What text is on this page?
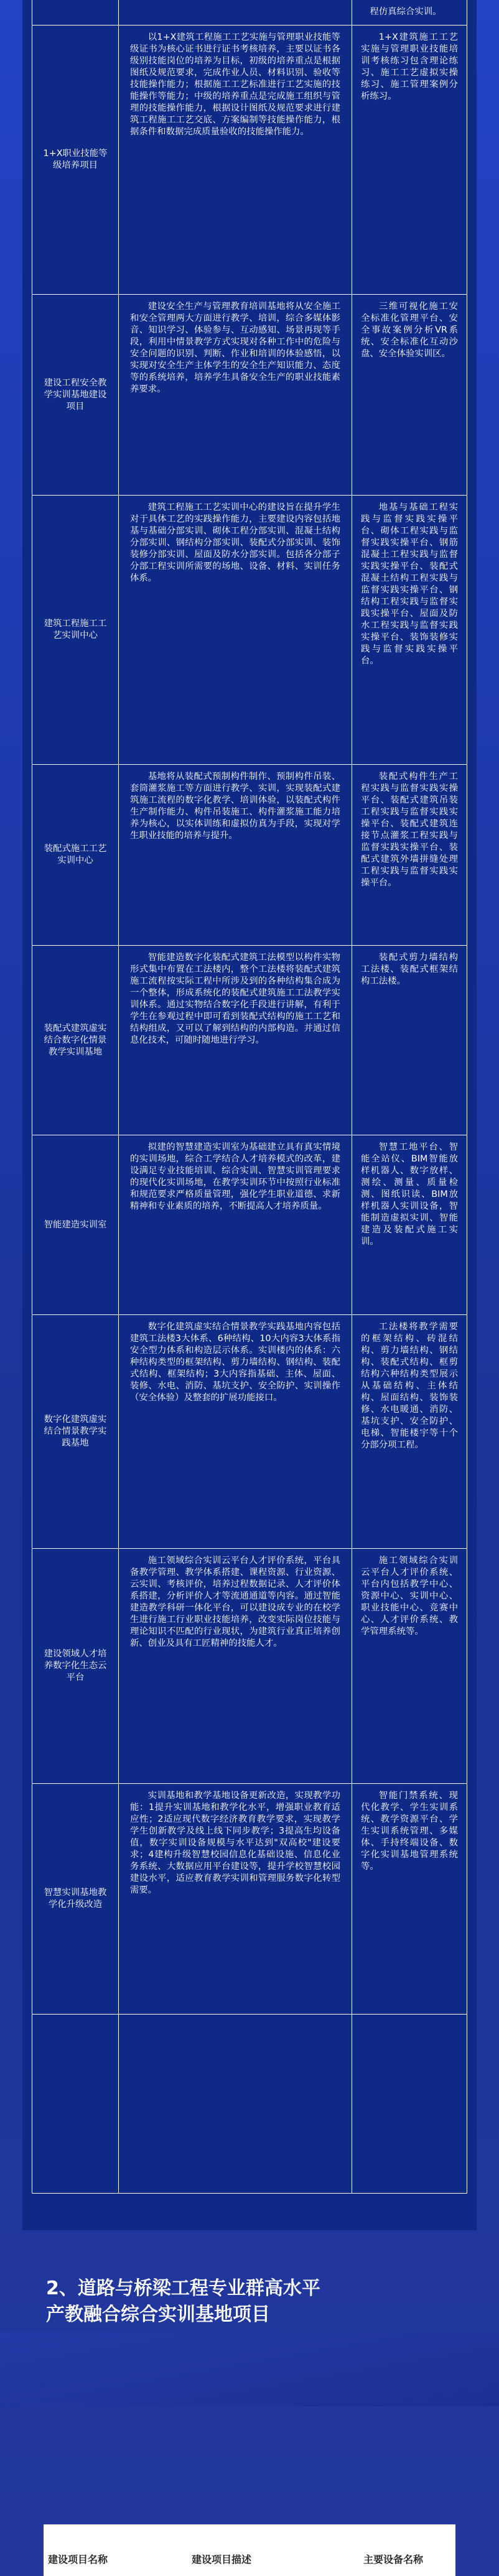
程仿真综合实训。

1+X职业技能等级培养项目

以1+X建筑工程施工工艺实施与管理职业技能等级证书为核心证书进行证书考核培养，主要以证书各级别技能岗位的培养为目标，初级的培养重点是根据图纸及规范要求，完成作业人员、材料识别、验收等技能操作能力；根据施工工艺标准进行工艺实施的技能操作等能力；中级的培养重点是完成施工组织与管理的技能操作能力，根据设计图纸及规范要求进行建筑工程施工工艺交底、方案编制等技能操作能力，根据条件和数据完成质量验收的技能操作能力。

1+X建筑施工工艺实施与管理职业技能培训考核练习包含理论练习、施工工艺虚拟实操练习、施工管理案例分析练习。

建设工程安全教学实训基地建设项目

建设安全生产与管理教育培训基地将从安全施工和安全管理两大方面进行教学、培训，综合多媒体影音、知识学习、体验参与、互动感知、场景再现等手段，利用中情景教学方式实现对各种工作中的危险与安全问题的识别、判断、作业和培训的体验感悟，以实现对安全生产主体学生的安全生产知识能力、态度等的系统培养，培养学生具备安全生产的职业技能素养要求。

三维可视化施工安全标准化管理平台、安全事故案例分析VR系统、安全标准化互动沙盘、安全体验实训区。

建筑工程施工工艺实训中心

建筑工程施工工艺实训中心的建设旨在提升学生对于具体工艺的实践操作能力，主要建设内容包括地基与基础分部实训、砌体工程分部实训、混凝土结构分部实训、钢结构分部实训、装配式分部实训、装饰装修分部实训、屋面及防水分部实训。包括各分部子分部工程实训所需要的场地、设备、材料、实训任务体系。

地基与基础工程实践与监督实践实操平台、砌体工程实践与监督实践实操平台、钢筋混凝土工程实践与监督实践实操平台、装配式混凝土结构工程实践与监督实践实操平台、钢结构工程实践与监督实践实操平台、屋面及防水工程实践与监督实践实操平台、装饰装修实践与监督实践实操平台。

装配式施工工艺实训中心

基地将从装配式预制构件制作、预制构件吊装、套筒灌浆施工等方面进行教学、实训，实现装配式建筑施工流程的数字化教学、培训体验，以装配式构件生产制作能力、构件吊装施工、构件灌浆施工能力培养为核心，以实体训练和虚拟仿真为手段，实现对学生职业技能的培养与提升。

装配式构件生产工程实践与监督实践实操平台、装配式建筑吊装工程实践与监督实践实操平台、装配式建筑连接节点灌浆工程实践与监督实践实操平台、装配式建筑外墙拼缝处理工程实践与监督实践实操平台。

装配式建筑虚实结合数字化情景教学实训基地

智能建造数字化装配式建筑工法模型以构件实物形式集中布置在工法楼内，整个工法楼将装配式建筑施工流程按实际工程中所涉及到的各种结构集合成为一个整体，形成系统化的装配式建筑施工工法教学实训体系。通过实物结合数字化手段进行讲解，有利于学生在参观过程中即可看到装配式结构的施工工艺和结构组成，又可以了解到结构的内部构造。并通过信息化技术，可随时随地进行学习。

装配式剪力墙结构工法楼、装配式框架结构工法楼。

智能建造实训室

拟建的智慧建造实训室为基础建立具有真实情境的实训场地，综合工学结合人才培养模式的改革，建设满足专业技能培训、综合实训、智慧实训管理要求的现代化实训场地，在教学实训环节中按照行业标准和规范要求严格质量管理，强化学生职业道德、求新精神和专业素质的培养，不断提高人才培养质量。

智慧工地平台、智能全站仪、BIM智能放样机器人、数字放样、测绘、测量、质量检测、图纸识读、BIM放样机器人实训设备，智能制造虚拟实训、智能建造及装配式施工实训。

数字化建筑虚实结合情景教学实践基地

数字化建筑虚实结合情景教学实践基地内容包括建筑工法楼3大体系、6种结构、10大内容3大体系指安全型力体系和构造层示体系。实训楼内的体系：六种结构类型的框架结构、剪力墙结构、钢结构、装配式结构、框架结构；3大内容指基础、主体、屋面、装修、水电、消防、基坑支护、安全防护、实训操作（安全体验）及整套的扩展功能接口。

工法楼将教学需要的框架结构、砖混结构、剪力墙结构、钢结构、装配式结构、框剪结构六种结构类型展示从基础结构、主体结构、屋面结构、装饰装修、水电暖通、消防、基坑支护、安全防护、电梯、智能楼宇等十个分部分项工程。

建设领域人才培养数字化生态云平台

施工领域综合实训云平台人才评价系统，平台具备教学管理、教学体系搭建、课程资源、行业资源、云实训、考核评价，培养过程数据记录、人才评价体系搭建，分析评价人才等流通通道等内容。通过智能建造教学科研一体化平台，可以建设成专业的在校学生进行施工行业职业技能培养，改变实际岗位技能与理论知识不匹配的行业现状，为建筑行业真正培养创新、创业及具有工匠精神的技能人才。

施工领域综合实训云平台人才评价系统、平台内包括教学中心、资源中心、实训中心、职业技能中心、竞赛中心、人才评价系统、教学管理系统等。

智慧实训基地教学化升级改造

实训基地和教学基地设备更新改造，实现教学功能：1提升实训基地和教学化水平，增强职业教育适应性；2适应现代数字经济教育教学要求，实现教学学生创新教学及线上线下同步教学；3提高生均设备值，数字实训设备规模与水平达到"双高校"建设要求；4建构升级智慧校园信息化基础设施、信息化业务系统、大数据应用平台建设等，提升学校智慧校园建设水平，适应教育教学实训和管理服务数字化转型需要。

智能门禁系统、现代化教学、学生实训系统、教学资源平台、学生实训系统管理、多媒体、手持终端设备、数字化实训基地管理系统等。

2、道路与桥梁工程专业群高水平
产教融合综合实训基地项目
建设项目名称	建设项目描述	主要设备名称
